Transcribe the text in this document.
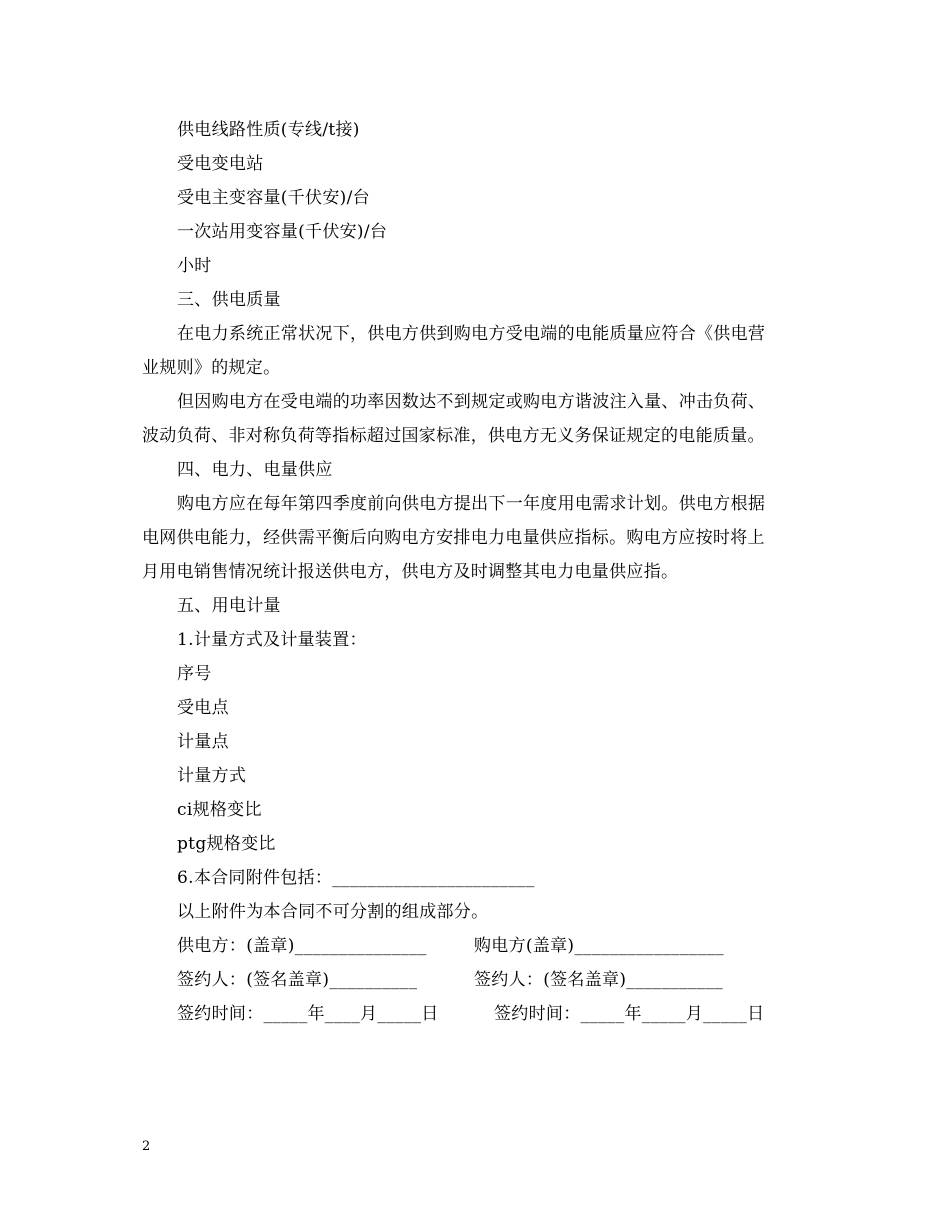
供电线路性质(专线/t接)
受电变电站
受电主变容量(千伏安)/台
一次站用变容量(千伏安)/台
小时
三、供电质量
在电力系统正常状况下，供电方供到购电方受电端的电能质量应符合《供电营
业规则》的规定。
但因购电方在受电端的功率因数达不到规定或购电方谐波注入量、冲击负荷、
波动负荷、非对称负荷等指标超过国家标准，供电方无义务保证规定的电能质量。
四、电力、电量供应
购电方应在每年第四季度前向供电方提出下一年度用电需求计划。供电方根据
电网供电能力，经供需平衡后向购电方安排电力电量供应指标。购电方应按时将上
月用电销售情况统计报送供电方，供电方及时调整其电力电量供应指。
五、用电计量
1.计量方式及计量装置：
序号
受电点
计量点
计量方式
ci规格变比
ptg规格变比
6.本合同附件包括：_______________________
以上附件为本合同不可分割的组成部分。
供电方：(盖章)_______________	购电方(盖章)_________________
签约人：(签名盖章)__________	签约人：(签名盖章)___________
签约时间：_____年____月_____日	签约时间：_____年_____月_____日
2
